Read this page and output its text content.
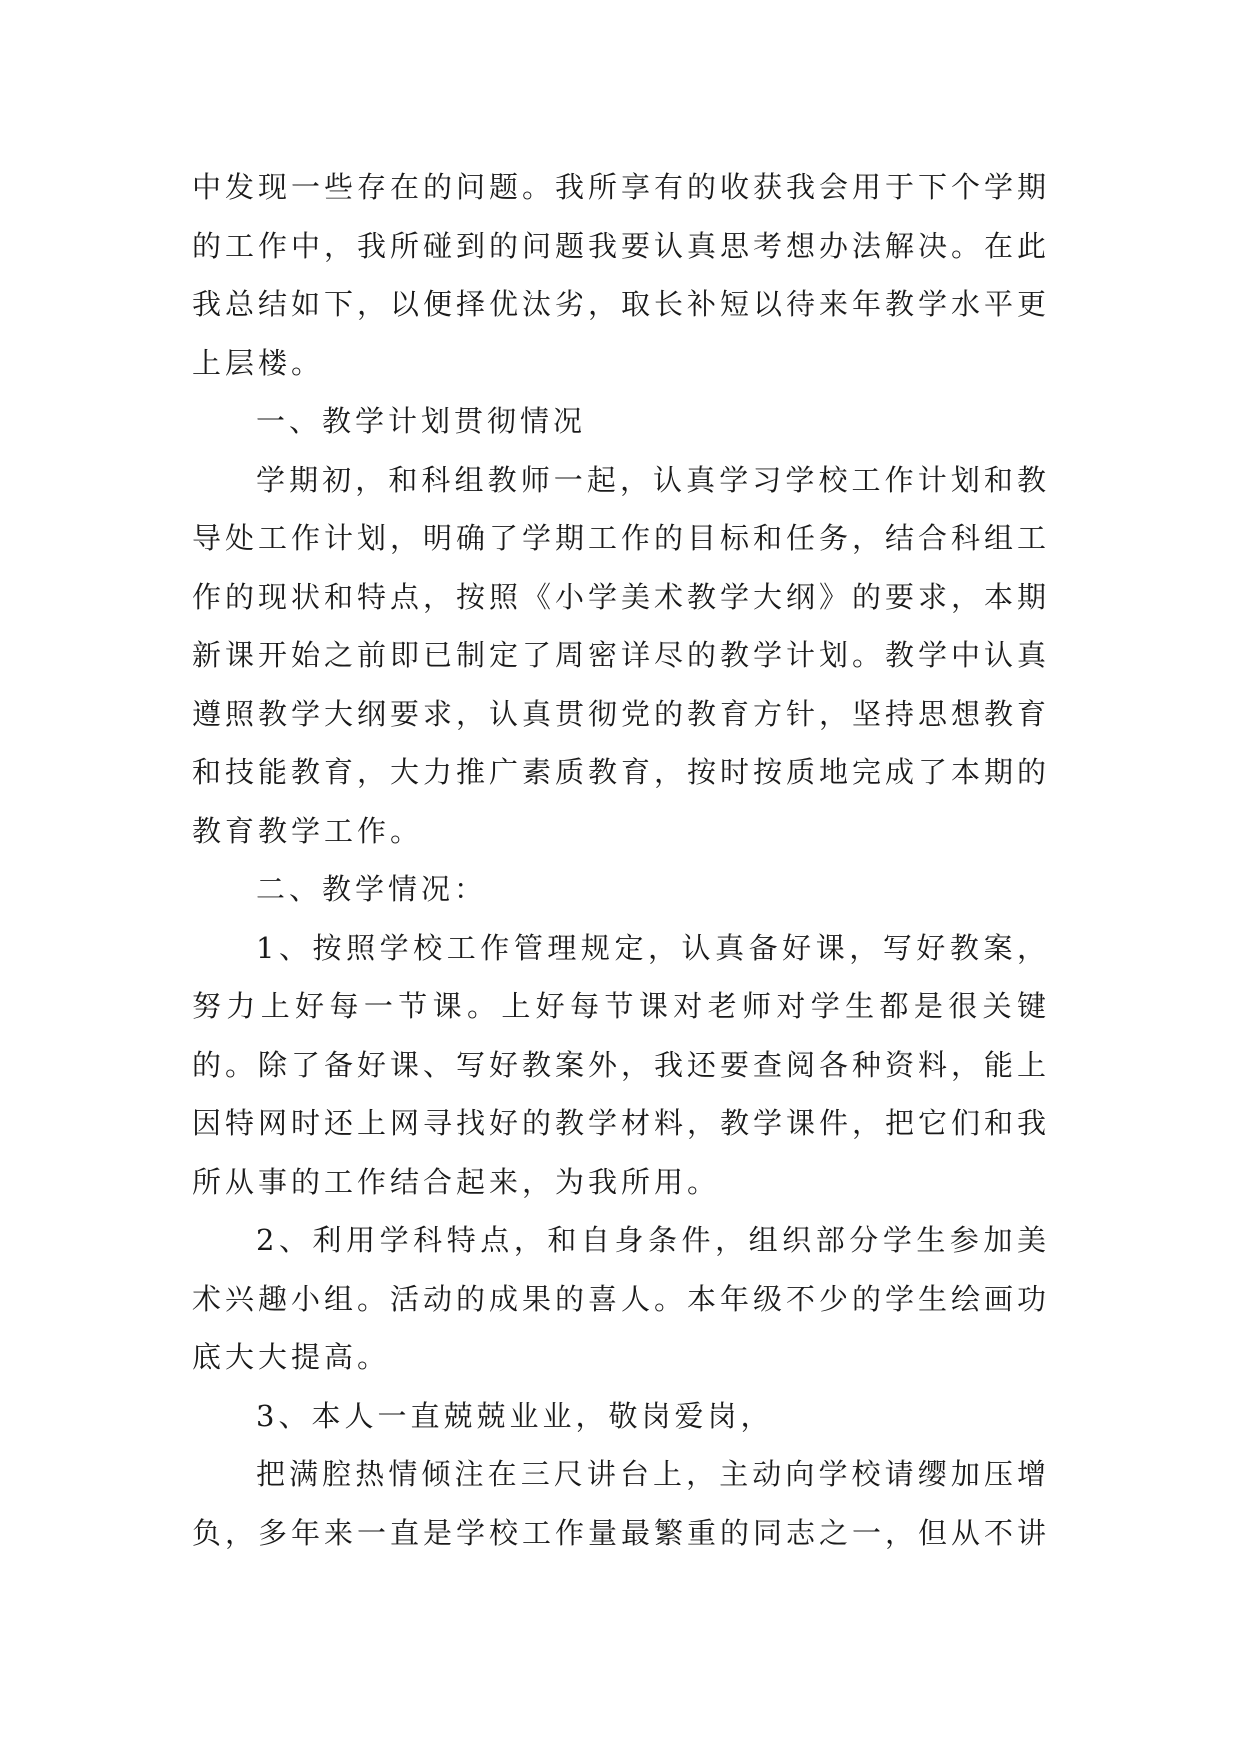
中发现一些存在的问题。我所享有的收获我会用于下个学期的工作中，我所碰到的问题我要认真思考想办法解决。在此我总结如下，以便择优汰劣，取长补短以待来年教学水平更上层楼。

一、教学计划贯彻情况

学期初，和科组教师一起，认真学习学校工作计划和教导处工作计划，明确了学期工作的目标和任务，结合科组工作的现状和特点，按照《小学美术教学大纲》的要求，本期新课开始之前即已制定了周密详尽的教学计划。教学中认真遵照教学大纲要求，认真贯彻党的教育方针，坚持思想教育和技能教育，大力推广素质教育，按时按质地完成了本期的教育教学工作。

二、教学情况：

1、按照学校工作管理规定，认真备好课，写好教案，努力上好每一节课。上好每节课对老师对学生都是很关键的。除了备好课、写好教案外，我还要查阅各种资料，能上因特网时还上网寻找好的教学材料，教学课件，把它们和我所从事的工作结合起来，为我所用。

2、利用学科特点，和自身条件，组织部分学生参加美术兴趣小组。活动的成果的喜人。本年级不少的学生绘画功底大大提高。

3、本人一直兢兢业业，敬岗爱岗，

把满腔热情倾注在三尺讲台上，主动向学校请缨加压增负，多年来一直是学校工作量最繁重的同志之一，但从不讲
